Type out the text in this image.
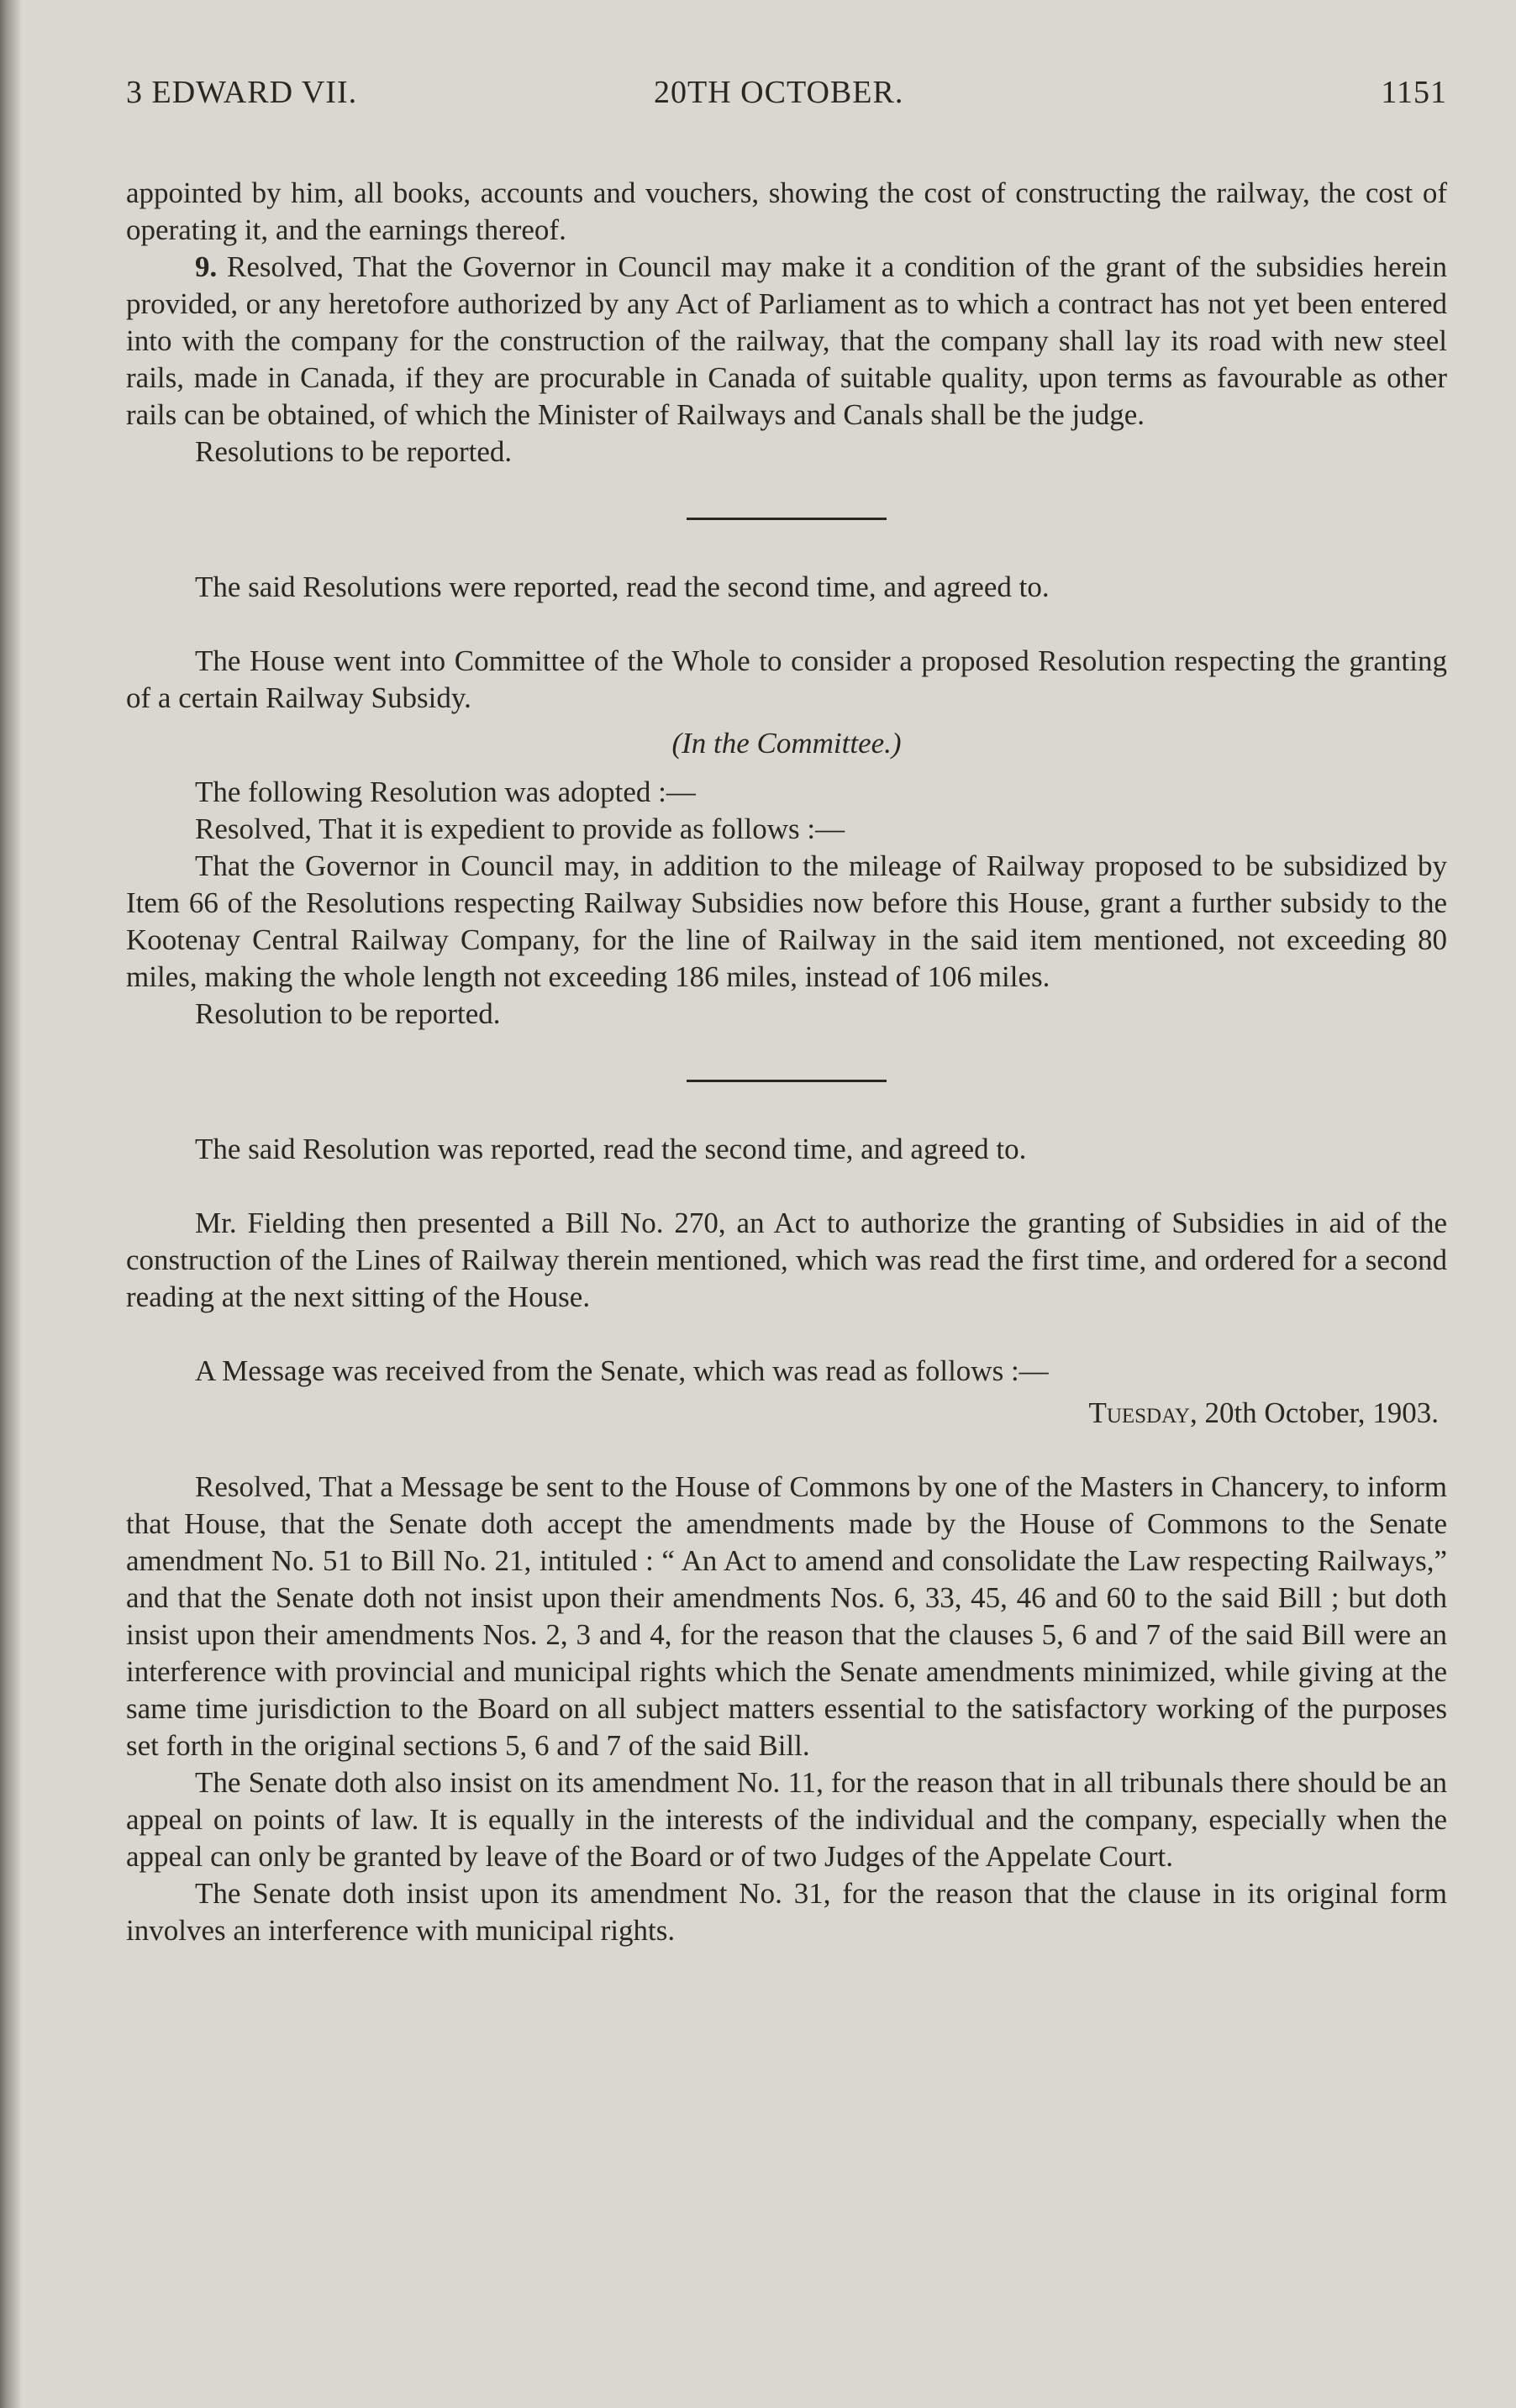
3 EDWARD VII.	20TH OCTOBER.	1151

appointed by him, all books, accounts and vouchers, showing the cost of constructing the railway, the cost of operating it, and the earnings thereof.

9. Resolved, That the Governor in Council may make it a condition of the grant of the subsidies herein provided, or any heretofore authorized by any Act of Parliament as to which a contract has not yet been entered into with the company for the construction of the railway, that the company shall lay its road with new steel rails, made in Canada, if they are procurable in Canada of suitable quality, upon terms as favourable as other rails can be obtained, of which the Minister of Railways and Canals shall be the judge.

Resolutions to be reported.

The said Resolutions were reported, read the second time, and agreed to.

The House went into Committee of the Whole to consider a proposed Resolution respecting the granting of a certain Railway Subsidy.

(In the Committee.)

The following Resolution was adopted :—

Resolved, That it is expedient to provide as follows :—

That the Governor in Council may, in addition to the mileage of Railway proposed to be subsidized by Item 66 of the Resolutions respecting Railway Subsidies now before this House, grant a further subsidy to the Kootenay Central Railway Company, for the line of Railway in the said item mentioned, not exceeding 80 miles, making the whole length not exceeding 186 miles, instead of 106 miles.

Resolution to be reported.

The said Resolution was reported, read the second time, and agreed to.

Mr. Fielding then presented a Bill No. 270, an Act to authorize the granting of Subsidies in aid of the construction of the Lines of Railway therein mentioned, which was read the first time, and ordered for a second reading at the next sitting of the House.

A Message was received from the Senate, which was read as follows :—

Tuesday, 20th October, 1903.

Resolved, That a Message be sent to the House of Commons by one of the Masters in Chancery, to inform that House, that the Senate doth accept the amendments made by the House of Commons to the Senate amendment No. 51 to Bill No. 21, intituled : “ An Act to amend and consolidate the Law respecting Railways,” and that the Senate doth not insist upon their amendments Nos. 6, 33, 45, 46 and 60 to the said Bill ; but doth insist upon their amendments Nos. 2, 3 and 4, for the reason that the clauses 5, 6 and 7 of the said Bill were an interference with provincial and municipal rights which the Senate amendments minimized, while giving at the same time jurisdiction to the Board on all subject matters essential to the satisfactory working of the purposes set forth in the original sections 5, 6 and 7 of the said Bill.

The Senate doth also insist on its amendment No. 11, for the reason that in all tribunals there should be an appeal on points of law. It is equally in the interests of the individual and the company, especially when the appeal can only be granted by leave of the Board or of two Judges of the Appelate Court.

The Senate doth insist upon its amendment No. 31, for the reason that the clause in its original form involves an interference with municipal rights.
